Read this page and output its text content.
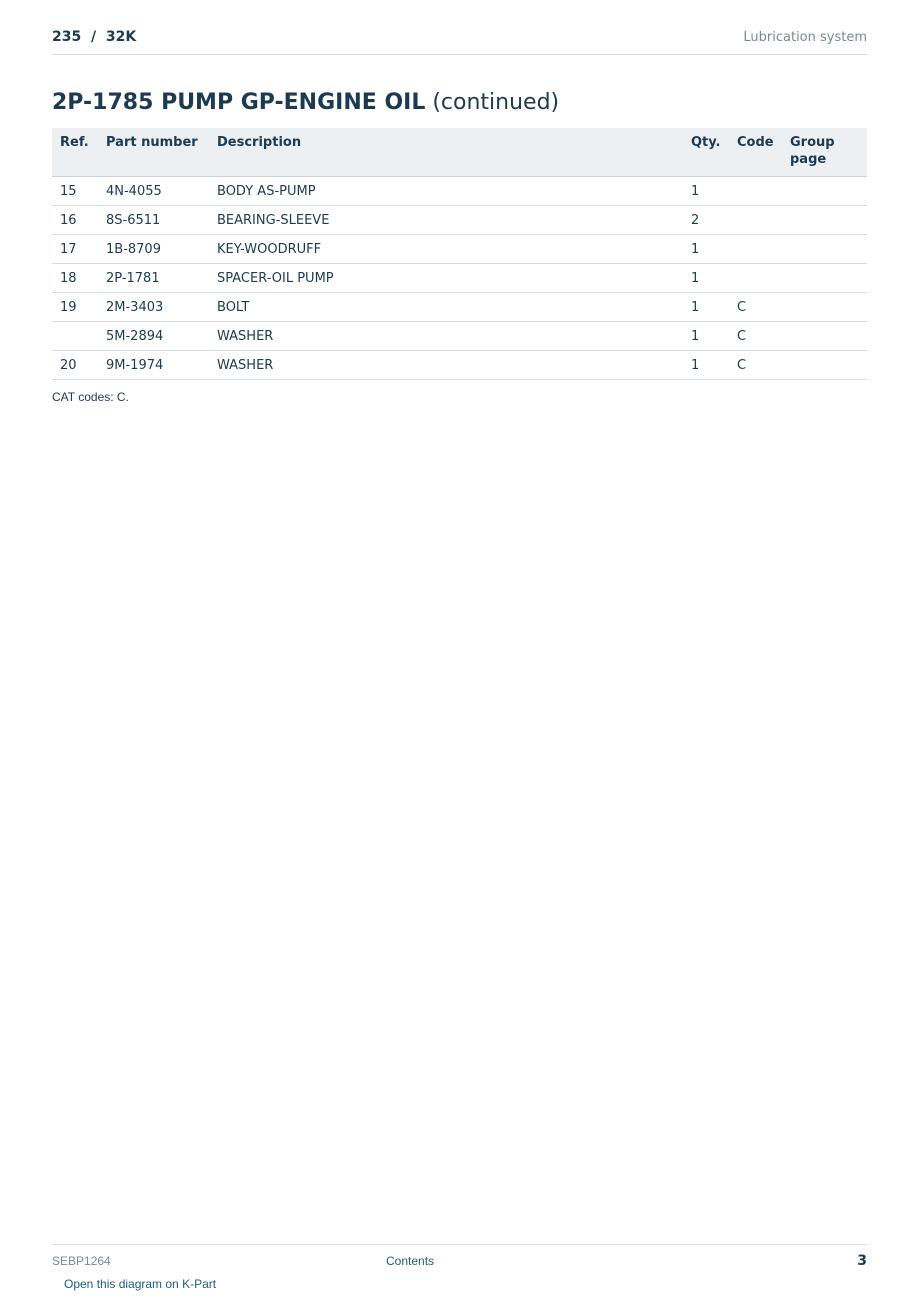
235  /  32K	Lubrication system
2P-1785 PUMP GP-ENGINE OIL (continued)
Ref.	Part number	Description	Qty.	Code	Group page
15	4N-4055	BODY AS-PUMP	1		
16	8S-6511	BEARING-SLEEVE	2		
17	1B-8709	KEY-WOODRUFF	1		
18	2P-1781	SPACER-OIL PUMP	1		
19	2M-3403	BOLT	1	C	
	5M-2894	WASHER	1	C	
20	9M-1974	WASHER	1	C	
CAT codes: C.
SEBP1264	Contents	3
Open this diagram on K-Part
